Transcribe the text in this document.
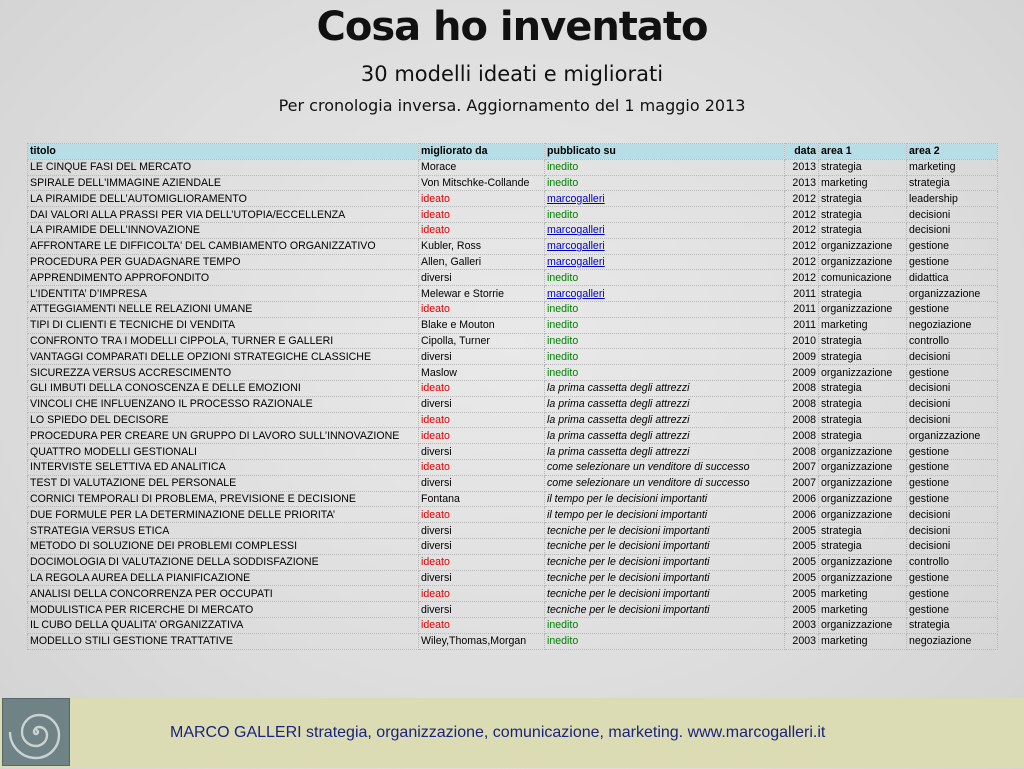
Cosa ho inventato
30 modelli ideati e migliorati
Per cronologia inversa. Aggiornamento del 1 maggio 2013
titolo	migliorato da	pubblicato su	data	area 1	area 2
LE CINQUE FASI DEL MERCATO	Morace	inedito	2013	strategia	marketing
SPIRALE DELL'IMMAGINE AZIENDALE	Von Mitschke-Collande	inedito	2013	marketing	strategia
LA PIRAMIDE DELL’AUTOMIGLIORAMENTO	ideato	marcogalleri	2012	strategia	leadership
DAI VALORI ALLA PRASSI PER VIA DELL’UTOPIA/ECCELLENZA	ideato	inedito	2012	strategia	decisioni
LA PIRAMIDE DELL’INNOVAZIONE	ideato	marcogalleri	2012	strategia	decisioni
AFFRONTARE LE DIFFICOLTA' DEL CAMBIAMENTO ORGANIZZATIVO	Kubler, Ross	marcogalleri	2012	organizzazione	gestione
PROCEDURA PER GUADAGNARE TEMPO	Allen, Galleri	marcogalleri	2012	organizzazione	gestione
APPRENDIMENTO APPROFONDITO	diversi	inedito	2012	comunicazione	didattica
L’IDENTITA’ D’IMPRESA	Melewar e Storrie	marcogalleri	2011	strategia	organizzazione
ATTEGGIAMENTI NELLE RELAZIONI UMANE	ideato	inedito	2011	organizzazione	gestione
TIPI DI CLIENTI E TECNICHE DI VENDITA	Blake e Mouton	inedito	2011	marketing	negoziazione
CONFRONTO TRA I MODELLI CIPPOLA, TURNER E GALLERI	Cipolla, Turner	inedito	2010	strategia	controllo
VANTAGGI COMPARATI DELLE OPZIONI STRATEGICHE CLASSICHE	diversi	inedito	2009	strategia	decisioni
SICUREZZA VERSUS ACCRESCIMENTO	Maslow	inedito	2009	organizzazione	gestione
GLI IMBUTI DELLA CONOSCENZA E DELLE EMOZIONI	ideato	la prima cassetta degli attrezzi	2008	strategia	decisioni
VINCOLI CHE INFLUENZANO IL PROCESSO RAZIONALE	diversi	la prima cassetta degli attrezzi	2008	strategia	decisioni
LO SPIEDO DEL DECISORE	ideato	la prima cassetta degli attrezzi	2008	strategia	decisioni
PROCEDURA PER CREARE UN GRUPPO DI LAVORO SULL’INNOVAZIONE	ideato	la prima cassetta degli attrezzi	2008	strategia	organizzazione
QUATTRO MODELLI GESTIONALI	diversi	la prima cassetta degli attrezzi	2008	organizzazione	gestione
INTERVISTE SELETTIVA ED ANALITICA	ideato	come selezionare un venditore di successo	2007	organizzazione	gestione
TEST DI VALUTAZIONE DEL PERSONALE	diversi	come selezionare un venditore di successo	2007	organizzazione	gestione
CORNICI TEMPORALI DI PROBLEMA, PREVISIONE E DECISIONE	Fontana	il tempo per le decisioni importanti	2006	organizzazione	gestione
DUE FORMULE PER LA DETERMINAZIONE DELLE PRIORITA’	ideato	il tempo per le decisioni importanti	2006	organizzazione	decisioni
STRATEGIA VERSUS ETICA	diversi	tecniche per le decisioni importanti	2005	strategia	decisioni
METODO DI SOLUZIONE DEI PROBLEMI COMPLESSI	diversi	tecniche per le decisioni importanti	2005	strategia	decisioni
DOCIMOLOGIA DI VALUTAZIONE DELLA SODDISFAZIONE	ideato	tecniche per le decisioni importanti	2005	organizzazione	controllo
LA REGOLA AUREA DELLA PIANIFICAZIONE	diversi	tecniche per le decisioni importanti	2005	organizzazione	gestione
ANALISI DELLA CONCORRENZA PER OCCUPATI	ideato	tecniche per le decisioni importanti	2005	marketing	gestione
MODULISTICA PER RICERCHE DI MERCATO	diversi	tecniche per le decisioni importanti	2005	marketing	gestione
IL CUBO DELLA QUALITA’ ORGANIZZATIVA	ideato	inedito	2003	organizzazione	strategia
MODELLO STILI GESTIONE TRATTATIVE	Wiley,Thomas,Morgan	inedito	2003	marketing	negoziazione
MARCO GALLERI strategia, organizzazione, comunicazione, marketing. www.marcogalleri.it
